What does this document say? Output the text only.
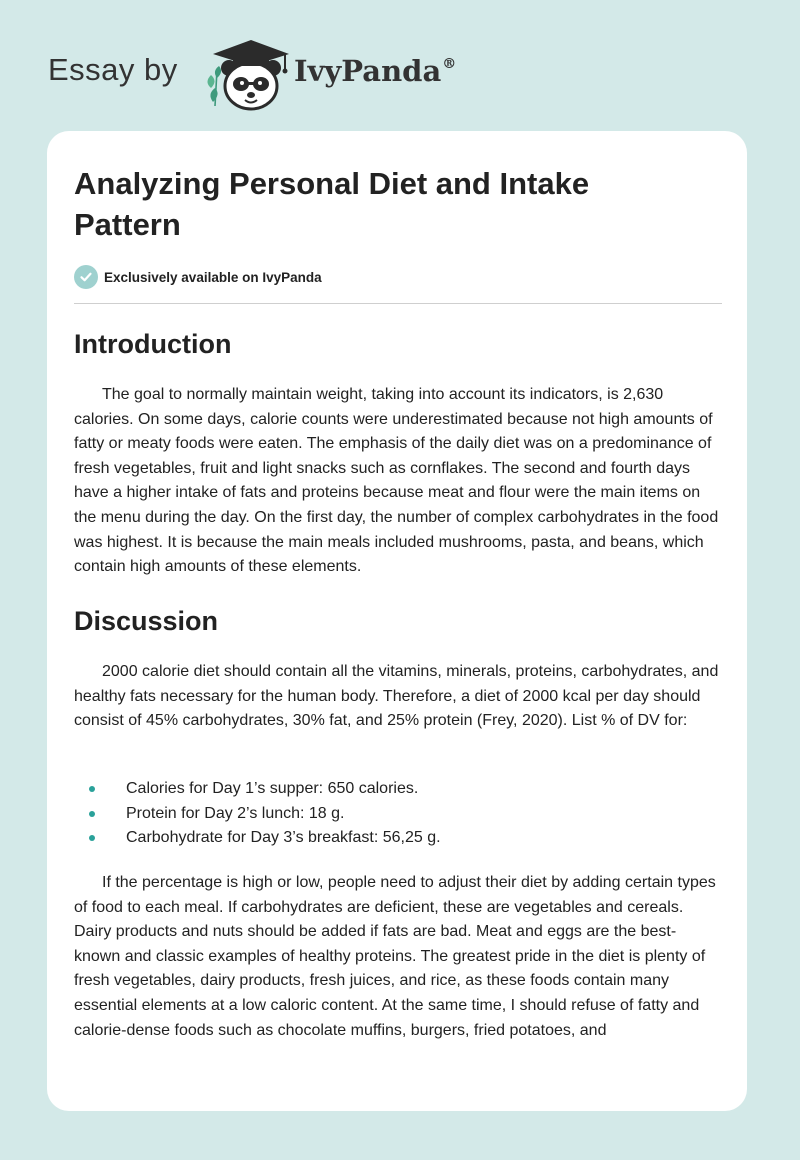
Essay by	IvyPanda®
Analyzing Personal Diet and Intake Pattern
Exclusively available on IvyPanda
Introduction

The goal to normally maintain weight, taking into account its indicators, is 2,630 calories. On some days, calorie counts were underestimated because not high amounts of fatty or meaty foods were eaten. The emphasis of the daily diet was on a predominance of fresh vegetables, fruit and light snacks such as cornflakes. The second and fourth days have a higher intake of fats and proteins because meat and flour were the main items on the menu during the day. On the first day, the number of complex carbohydrates in the food was highest. It is because the main meals included mushrooms, pasta, and beans, which contain high amounts of these elements.

Discussion

2000 calorie diet should contain all the vitamins, minerals, proteins, carbohydrates, and healthy fats necessary for the human body. Therefore, a diet of 2000 kcal per day should consist of 45% carbohydrates, 30% fat, and 25% protein (Frey, 2020). List % of DV for:

Calories for Day 1’s supper: 650 calories.
Protein for Day 2’s lunch: 18 g.
Carbohydrate for Day 3’s breakfast: 56,25 g.

If the percentage is high or low, people need to adjust their diet by adding certain types of food to each meal. If carbohydrates are deficient, these are vegetables and cereals. Dairy products and nuts should be added if fats are bad. Meat and eggs are the best-known and classic examples of healthy proteins. The greatest pride in the diet is plenty of fresh vegetables, dairy products, fresh juices, and rice, as these foods contain many essential elements at a low caloric content. At the same time, I should refuse of fatty and calorie-dense foods such as chocolate muffins, burgers, fried potatoes, and
